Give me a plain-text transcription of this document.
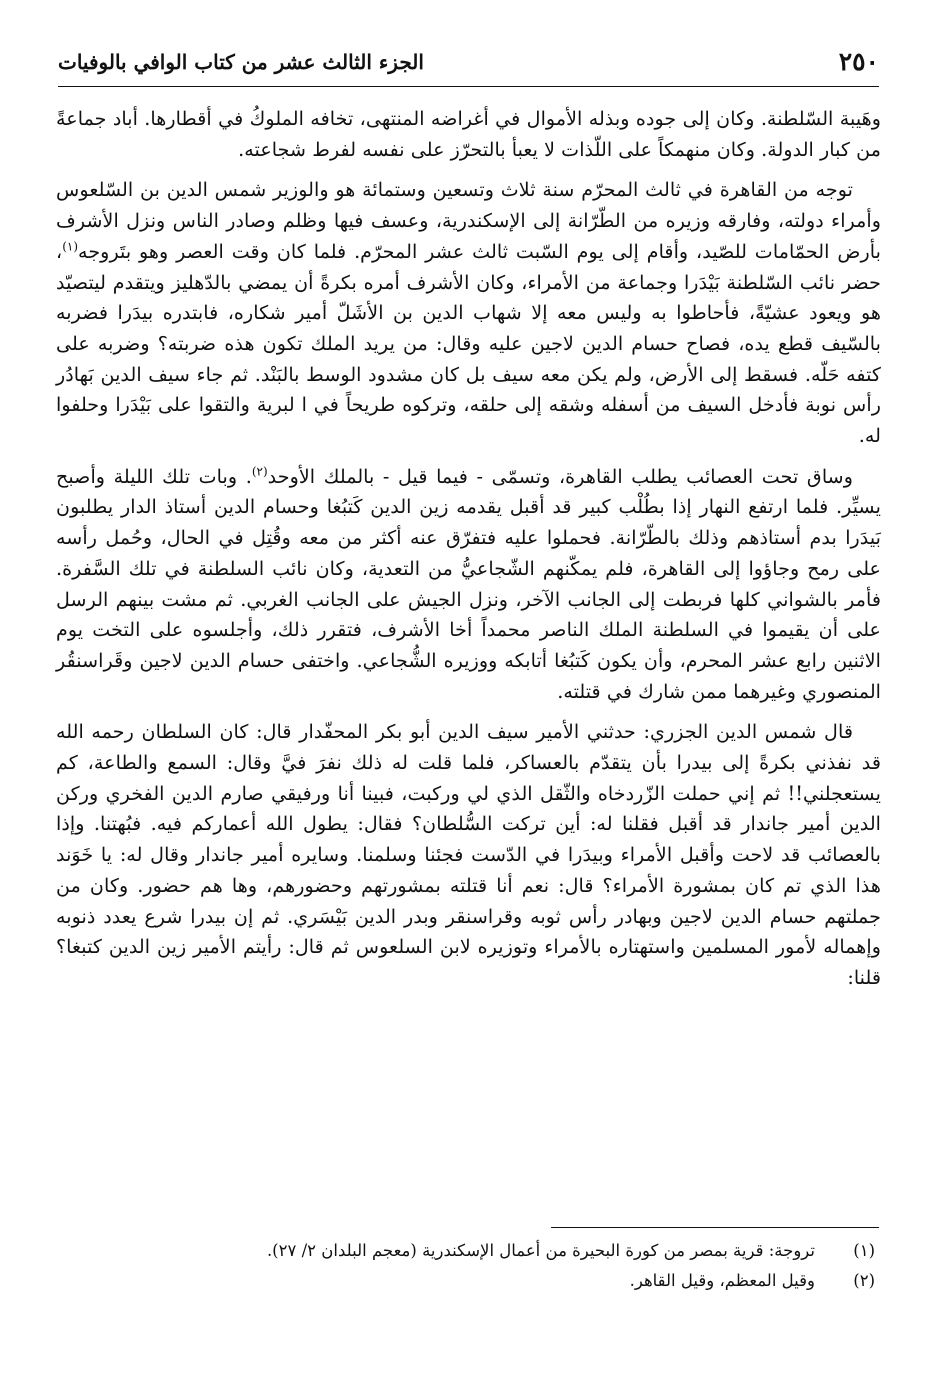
٢٥٠
الجزء الثالث عشر من كتاب الوافي بالوفيات

وهَيبة السّلطنة. وكان إلى جوده وبذله الأموال في أغراضه المنتهى، تخافه الملوكُ في أقطارها. أباد جماعةً من كبار الدولة. وكان منهمكاً على اللّذات لا يعبأ بالتحرّز على نفسه لفرط شجاعته.

توجه من القاهرة في ثالث المحرّم سنة ثلاث وتسعين وستمائة هو والوزير شمس الدين بن السّلعوس وأمراء دولته، وفارقه وزيره من الطّرّانة إلى الإسكندرية، وعسف فيها وظلم وصادر الناس ونزل الأشرف بأرض الحمّامات للصّيد، وأقام إلى يوم السّبت ثالث عشر المحرّم. فلما كان وقت العصر وهو بتَروجه$^{(١)}$، حضر نائب السّلطنة بَيْدَرا وجماعة من الأمراء، وكان الأشرف أمره بكرةً أن يمضي بالدّهليز ويتقدم ليتصيّد هو ويعود عشيّةً، فأحاطوا به وليس معه إلا شهاب الدين بن الأشَلّ أمير شكاره، فابتدره بيدَرا فضربه بالسّيف قطع يده، فصاح حسام الدين لاجين عليه وقال: من يريد الملك تكون هذه ضربته؟ وضربه على كتفه حَلّه. فسقط إلى الأرض، ولم يكن معه سيف بل كان مشدود الوسط بالبَنْد. ثم جاء سيف الدين بَهادُر رأس نوبة فأدخل السيف من أسفله وشقه إلى حلقه، وتركوه طريحاً في ا لبرية والتقوا على بَيْدَرا وحلفوا له.

وساق تحت العصائب يطلب القاهرة، وتسمّى - فيما قيل - بالملك الأوحد$^{(٢)}$. وبات تلك الليلة وأصبح يسيِّر. فلما ارتفع النهار إذا بطُلْب كبير قد أقبل يقدمه زين الدين كَتبُغا وحسام الدين أستاذ الدار يطلبون بَيدَرا بدم أستاذهم وذلك بالطّرّانة. فحملوا عليه فتفرّق عنه أكثر من معه وقُتِل في الحال، وحُمل رأسه على رمح وجاؤوا إلى القاهرة، فلم يمكّنهم الشّجاعيُّ من التعدية، وكان نائب السلطنة في تلك السَّفرة. فأمر بالشواني كلها فربطت إلى الجانب الآخر، ونزل الجيش على الجانب الغربي. ثم مشت بينهم الرسل على أن يقيموا في السلطنة الملك الناصر محمداً أخا الأشرف، فتقرر ذلك، وأجلسوه على التخت يوم الاثنين رابع عشر المحرم، وأن يكون كَتبُغا أتابكه ووزيره الشُّجاعي. واختفى حسام الدين لاجين وقَراسنقُر المنصوري وغيرهما ممن شارك في قتلته.

قال شمس الدين الجزري: حدثني الأمير سيف الدين أبو بكر المحفّدار قال: كان السلطان رحمه الله قد نفذني بكرةً إلى بيدرا بأن يتقدّم بالعساكر، فلما قلت له ذلك نفرَ فيَّ وقال: السمع والطاعة، كم يستعجلني!! ثم إني حملت الزّردخاه والثّقل الذي لي وركبت، فبينا أنا ورفيقي صارم الدين الفخري وركن الدين أمير جاندار قد أقبل فقلنا له: أين تركت السُّلطان؟ فقال: يطول الله أعماركم فيه. فبُهتنا. وإذا بالعصائب قد لاحت وأقبل الأمراء وبيدَرا في الدّست فجئنا وسلمنا. وسايره أمير جاندار وقال له: يا خَوَند هذا الذي تم كان بمشورة الأمراء؟ قال: نعم أنا قتلته بمشورتهم وحضورهم، وها هم حضور. وكان من جملتهم حسام الدين لاجين وبهادر رأس ثوبه وقراسنقر وبدر الدين بَيْسَري. ثم إن بيدرا شرع يعدد ذنوبه وإهماله لأمور المسلمين واستهتاره بالأمراء وتوزيره لابن السلعوس ثم قال: رأيتم الأمير زين الدين كتبغا؟ قلنا:

(١)
تروجة: قرية بمصر من كورة البحيرة من أعمال الإسكندرية (معجم البلدان ٢/ ٢٧).
(٢)
وقيل المعظم، وقيل القاهر.
